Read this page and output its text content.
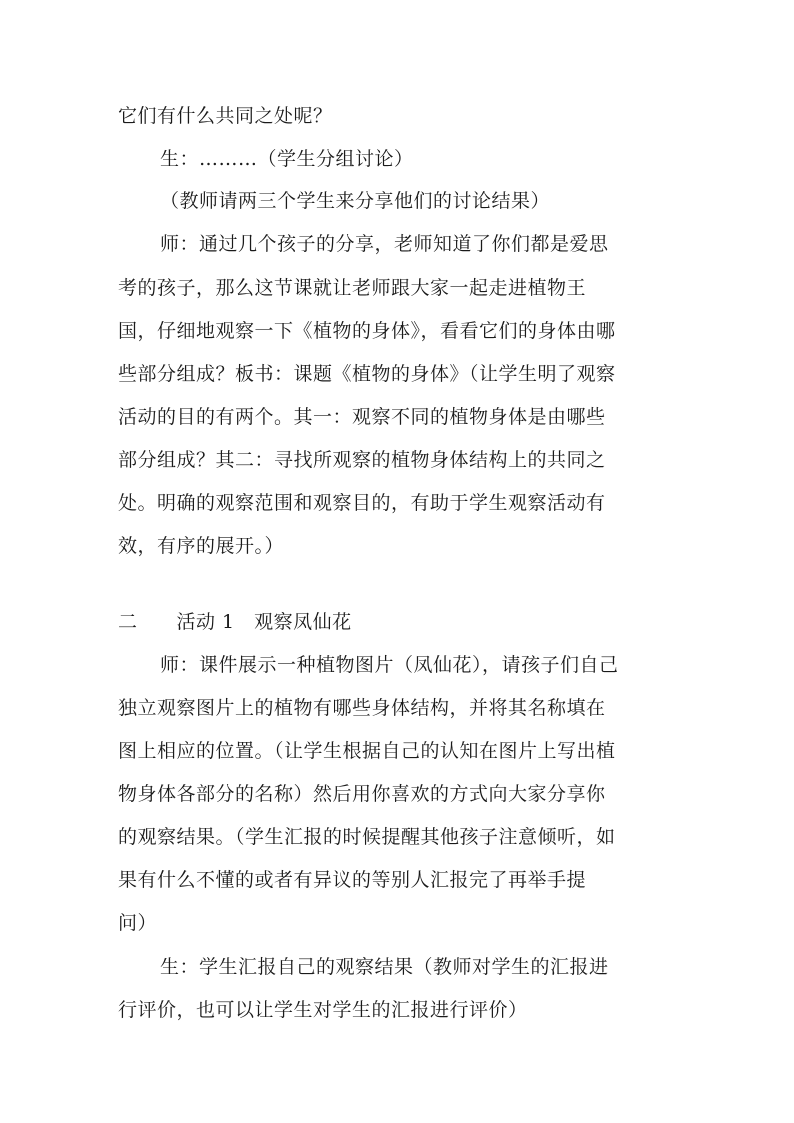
它们有什么共同之处呢？
生：………（学生分组讨论）
（教师请两三个学生来分享他们的讨论结果）
师：通过几个孩子的分享，老师知道了你们都是爱思
考的孩子，那么这节课就让老师跟大家一起走进植物王
国，仔细地观察一下《植物的身体》，看看它们的身体由哪
些部分组成？板书：课题《植物的身体》（让学生明了观察
活动的目的有两个。其一：观察不同的植物身体是由哪些
部分组成？其二：寻找所观察的植物身体结构上的共同之
处。明确的观察范围和观察目的，有助于学生观察活动有
效，有序的展开。）
二　　活动 1　观察凤仙花
师：课件展示一种植物图片（凤仙花），请孩子们自己
独立观察图片上的植物有哪些身体结构，并将其名称填在
图上相应的位置。（让学生根据自己的认知在图片上写出植
物身体各部分的名称）然后用你喜欢的方式向大家分享你
的观察结果。（学生汇报的时候提醒其他孩子注意倾听，如
果有什么不懂的或者有异议的等别人汇报完了再举手提
问）
生：学生汇报自己的观察结果（教师对学生的汇报进
行评价，也可以让学生对学生的汇报进行评价）
